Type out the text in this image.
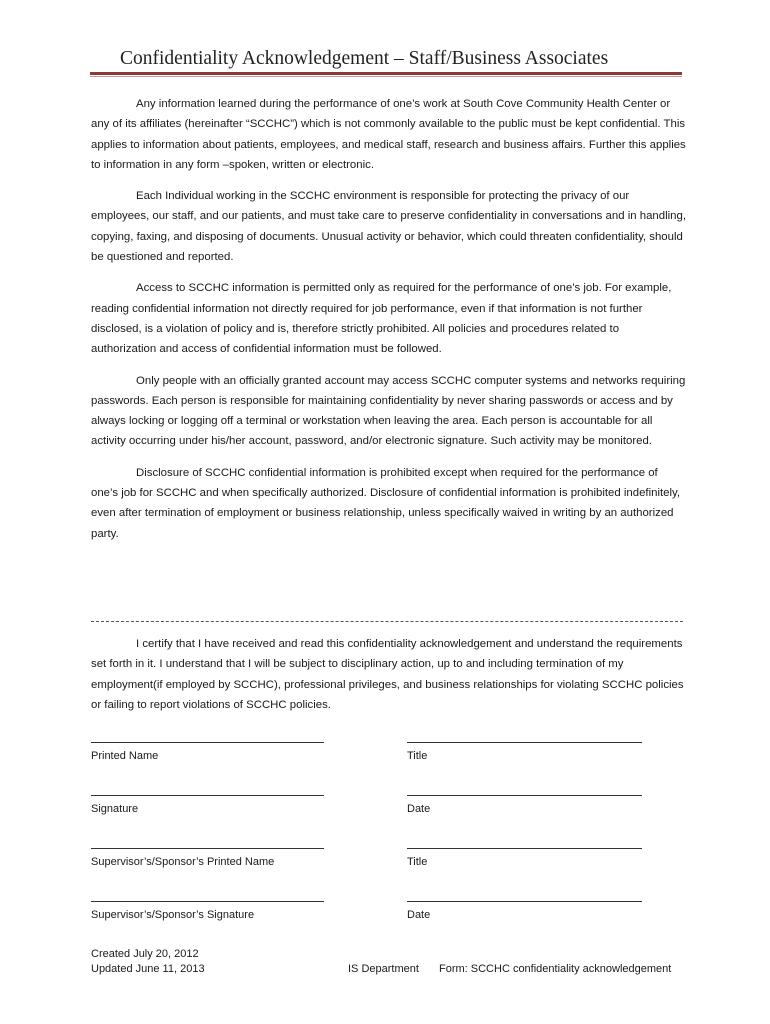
Confidentiality Acknowledgement – Staff/Business Associates

Any information learned during the performance of one’s work at South Cove Community Health Center or any of its affiliates (hereinafter “SCCHC”) which is not commonly available to the public must be kept confidential. This applies to information about patients, employees, and medical staff, research and business affairs. Further this applies to information in any form –spoken, written or electronic.

Each Individual working in the SCCHC environment is responsible for protecting the privacy of our employees, our staff, and our patients, and must take care to preserve confidentiality in conversations and in handling, copying, faxing, and disposing of documents. Unusual activity or behavior, which could threaten confidentiality, should be questioned and reported.

Access to SCCHC information is permitted only as required for the performance of one’s job. For example, reading confidential information not directly required for job performance, even if that information is not further disclosed, is a violation of policy and is, therefore strictly prohibited. All policies and procedures related to authorization and access of confidential information must be followed.

Only people with an officially granted account may access SCCHC computer systems and networks requiring passwords. Each person is responsible for maintaining confidentiality by never sharing passwords or access and by always locking or logging off a terminal or workstation when leaving the area. Each person is accountable for all activity occurring under his/her account, password, and/or electronic signature. Such activity may be monitored.

Disclosure of SCCHC confidential information is prohibited except when required for the performance of one’s job for SCCHC and when specifically authorized. Disclosure of confidential information is prohibited indefinitely, even after termination of employment or business relationship, unless specifically waived in writing by an authorized party.

I certify that I have received and read this confidentiality acknowledgement and understand the requirements set forth in it. I understand that I will be subject to disciplinary action, up to and including termination of my employment(if employed by SCCHC), professional privileges, and business relationships for violating SCCHC policies or failing to report violations of SCCHC policies.

Printed Name	Title
Signature	Date
Supervisor’s/Sponsor’s Printed Name	Title
Supervisor’s/Sponsor’s Signature	Date
Created July 20, 2012
Updated June 11, 2013	IS Department Form: SCCHC confidentiality acknowledgement
